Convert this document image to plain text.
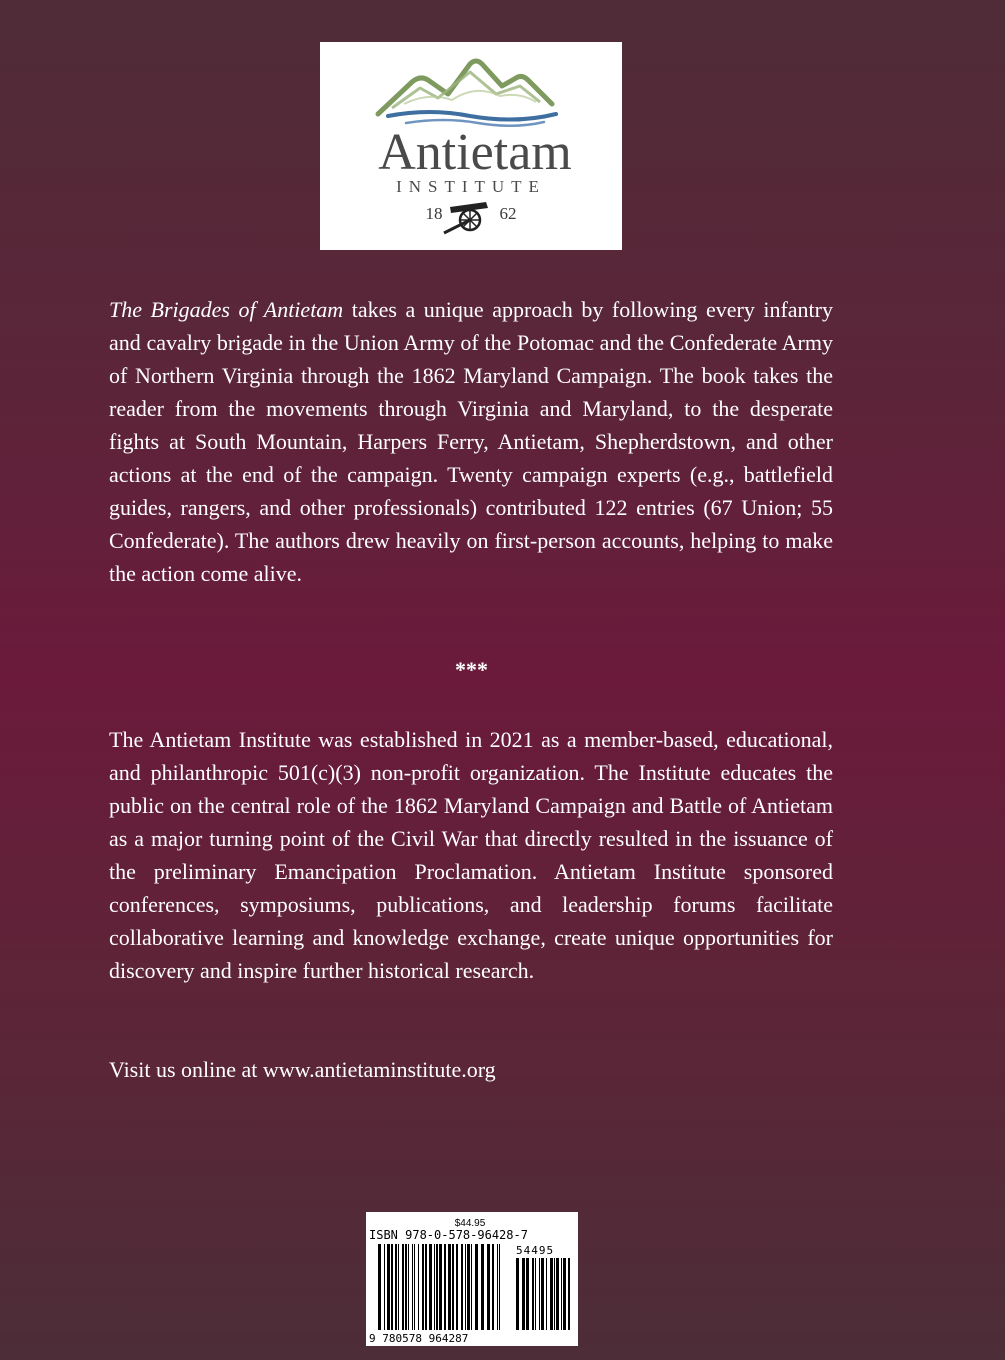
Antietam
INSTITUTE
18	62
The Brigades of Antietam takes a unique approach by following every infantry and cavalry brigade in the Union Army of the Potomac and the Confederate Army of Northern Virginia through the 1862 Maryland Campaign. The book takes the reader from the movements through Virginia and Maryland, to the desperate fights at South Mountain, Harpers Ferry, Antietam, Shepherdstown, and other actions at the end of the campaign. Twenty campaign experts (e.g., battlefield guides, rangers, and other professionals) contributed 122 entries (67 Union; 55 Confederate). The authors drew heavily on first-person accounts, helping to make the action come alive.
***
The Antietam Institute was established in 2021 as a member-based, educational, and philanthropic 501(c)(3) non-profit organization. The Institute educates the public on the central role of the 1862 Maryland Campaign and Battle of Antietam as a major turning point of the Civil War that directly resulted in the issuance of the preliminary Emancipation Proclamation. Antietam Institute sponsored conferences, symposiums, publications, and leadership forums facilitate collaborative learning and knowledge exchange, create unique opportunities for discovery and inspire further historical research.
Visit us online at www.antietaminstitute.org
$44.95
ISBN 978-0-578-96428-7
54495
9 780578 964287
